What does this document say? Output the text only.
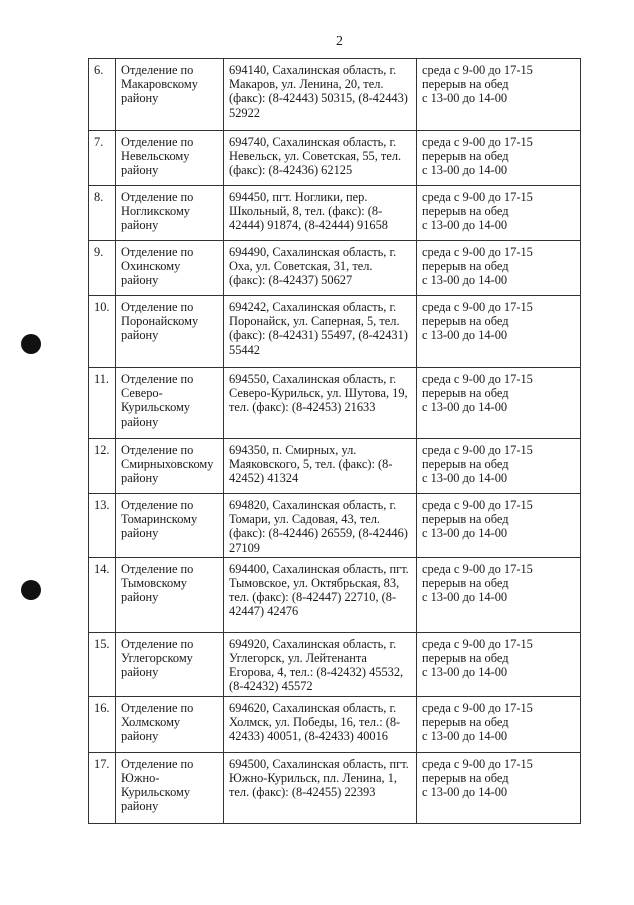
2
6.	Отделение по Макаровскому району	694140, Сахалинская область, г. Макаров, ул. Ленина, 20, тел. (факс): (8-42443) 50315, (8-42443) 52922	среда с 9-00 до 17-15
перерыв на обед
с 13-00 до 14-00

7.	Отделение по Невельскому району	694740, Сахалинская область, г. Невельск, ул. Советская, 55, тел. (факс): (8-42436) 62125	среда с 9-00 до 17-15
перерыв на обед
с 13-00 до 14-00

8.	Отделение по Ногликскому району	694450, пгт. Ноглики, пер. Школьный, 8, тел. (факс): (8-42444) 91874, (8-42444) 91658	среда с 9-00 до 17-15
перерыв на обед
с 13-00 до 14-00

9.	Отделение по Охинскому району	694490, Сахалинская область, г. Оха, ул. Советская, 31, тел. (факс): (8-42437) 50627	среда с 9-00 до 17-15
перерыв на обед
с 13-00 до 14-00

10.	Отделение по Поронайскому району	694242, Сахалинская область, г. Поронайск, ул. Саперная, 5, тел. (факс): (8-42431) 55497, (8-42431) 55442	среда с 9-00 до 17-15
перерыв на обед
с 13-00 до 14-00

11.	Отделение по Северо-Курильскому району	694550, Сахалинская область, г. Северо-Курильск, ул. Шутова, 19, тел. (факс): (8-42453) 21633	среда с 9-00 до 17-15
перерыв на обед
с 13-00 до 14-00

12.	Отделение по Смирныховскому району	694350, п. Смирных, ул. Маяковского, 5, тел. (факс): (8-42452) 41324	среда с 9-00 до 17-15
перерыв на обед
с 13-00 до 14-00

13.	Отделение по Томаринскому району	694820, Сахалинская область, г. Томари, ул. Садовая, 43, тел. (факс): (8-42446) 26559, (8-42446) 27109	среда с 9-00 до 17-15
перерыв на обед
с 13-00 до 14-00

14.	Отделение по Тымовскому району	694400, Сахалинская область, пгт. Тымовское, ул. Октябрьская, 83, тел. (факс): (8-42447) 22710, (8-42447) 42476	среда с 9-00 до 17-15
перерыв на обед
с 13-00 до 14-00

15.	Отделение по Углегорскому району	694920, Сахалинская область, г. Углегорск, ул. Лейтенанта Егорова, 4, тел.: (8-42432) 45532, (8-42432) 45572	среда с 9-00 до 17-15
перерыв на обед
с 13-00 до 14-00

16.	Отделение по Холмскому району	694620, Сахалинская область, г. Холмск, ул. Победы, 16, тел.: (8-42433) 40051, (8-42433) 40016	среда с 9-00 до 17-15
перерыв на обед
с 13-00 до 14-00

17.	Отделение по Южно-Курильскому району	694500, Сахалинская область, пгт. Южно-Курильск, пл. Ленина, 1, тел. (факс): (8-42455) 22393	среда с 9-00 до 17-15
перерыв на обед
с 13-00 до 14-00
